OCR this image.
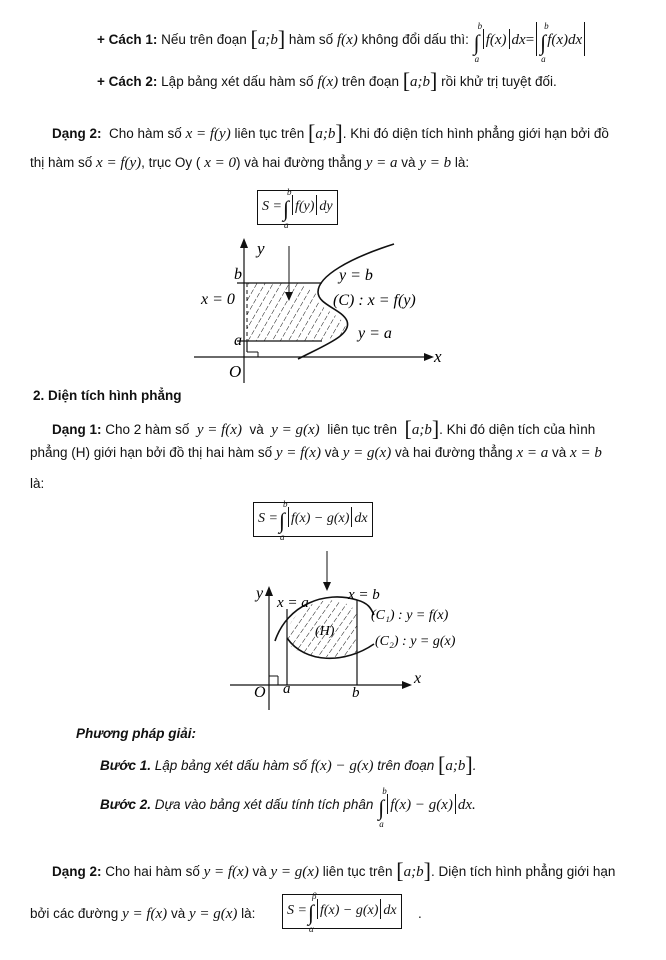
+ Cách 1: Nếu trên đoạn [a;b] hàm số f(x) không đổi dấu thì: ∫
b
a
f(x) dx= ∫
b
a
f(x)dx
+ Cách 2: Lập bảng xét dấu hàm số f(x) trên đoạn [a;b] rồi khử trị tuyệt đối.
Dạng 2: Cho hàm số x = f(y) liên tục trên [a;b]. Khi đó diện tích hình phẳng giới hạn bởi đồ
thị hàm số x = f(y), trục Oy ( x = 0) và hai đường thẳng y = a và y = b là:
S =∫
b
a
f(y) dy
y
x
O
b
a
x = 0
y = b
(C) : x = f(y)
y = a
y
x
O a	b
x = a	x = b
(H)
(C₁) : y = f(x)
(C₂) : y = g(x)
2. Diện tích hình phẳng
Dạng 1: Cho 2 hàm số y = f(x) và y = g(x) liên tục trên [a;b]. Khi đó diện tích của hình
phẳng (H) giới hạn bởi đồ thị hai hàm số y = f(x) và y = g(x) và hai đường thẳng x = a và x = b
là:
S =∫
b
a
f(x) − g(x) dx
Phương pháp giải:
Bước 1. Lập bảng xét dấu hàm số f(x) − g(x) trên đoạn [a;b].
Bước 2. Dựa vào bảng xét dấu tính tích phân ∫
b
a
f(x) − g(x) dx.
Dạng 2: Cho hai hàm số y = f(x) và y = g(x) liên tục trên [a;b]. Diện tích hình phẳng giới hạn
bởi các đường y = f(x) và y = g(x) là:	S =∫
β
α
f(x) − g(x) dx	.
